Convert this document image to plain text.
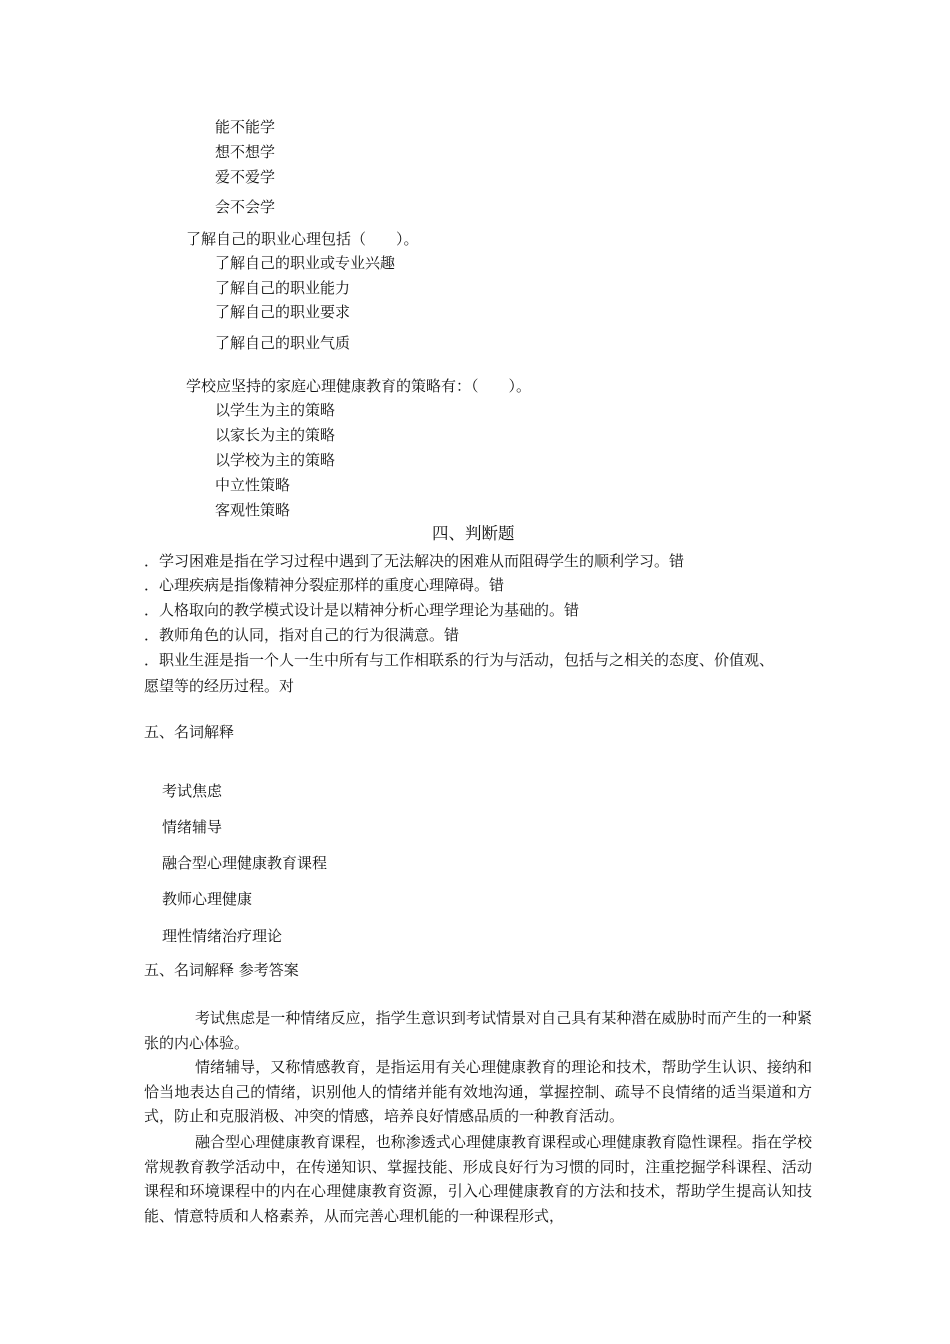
能不能学
想不想学
爱不爱学
会不会学
了解自己的职业心理包括（　　）。
了解自己的职业或专业兴趣
了解自己的职业能力
了解自己的职业要求
了解自己的职业气质
学校应坚持的家庭心理健康教育的策略有：（　　）。
以学生为主的策略
以家长为主的策略
以学校为主的策略
中立性策略
客观性策略
四、判断题
．学习困难是指在学习过程中遇到了无法解决的困难从而阻碍学生的顺利学习。错
．心理疾病是指像精神分裂症那样的重度心理障碍。错
．人格取向的教学模式设计是以精神分析心理学理论为基础的。错
．教师角色的认同，指对自己的行为很满意。错
．职业生涯是指一个人一生中所有与工作相联系的行为与活动，包括与之相关的态度、价值观、
愿望等的经历过程。对
五、名词解释
考试焦虑
情绪辅导
融合型心理健康教育课程
教师心理健康
理性情绪治疗理论
五、名词解释 参考答案

考试焦虑是一种情绪反应，指学生意识到考试情景对自己具有某种潜在威胁时而产生的一种紧张的内心体验。

情绪辅导，又称情感教育，是指运用有关心理健康教育的理论和技术，帮助学生认识、接纳和恰当地表达自己的情绪，识别他人的情绪并能有效地沟通，掌握控制、疏导不良情绪的适当渠道和方式，防止和克服消极、冲突的情感，培养良好情感品质的一种教育活动。

融合型心理健康教育课程，也称渗透式心理健康教育课程或心理健康教育隐性课程。指在学校常规教育教学活动中，在传递知识、掌握技能、形成良好行为习惯的同时，注重挖掘学科课程、活动课程和环境课程中的内在心理健康教育资源，引入心理健康教育的方法和技术，帮助学生提高认知技能、情意特质和人格素养，从而完善心理机能的一种课程形式，
